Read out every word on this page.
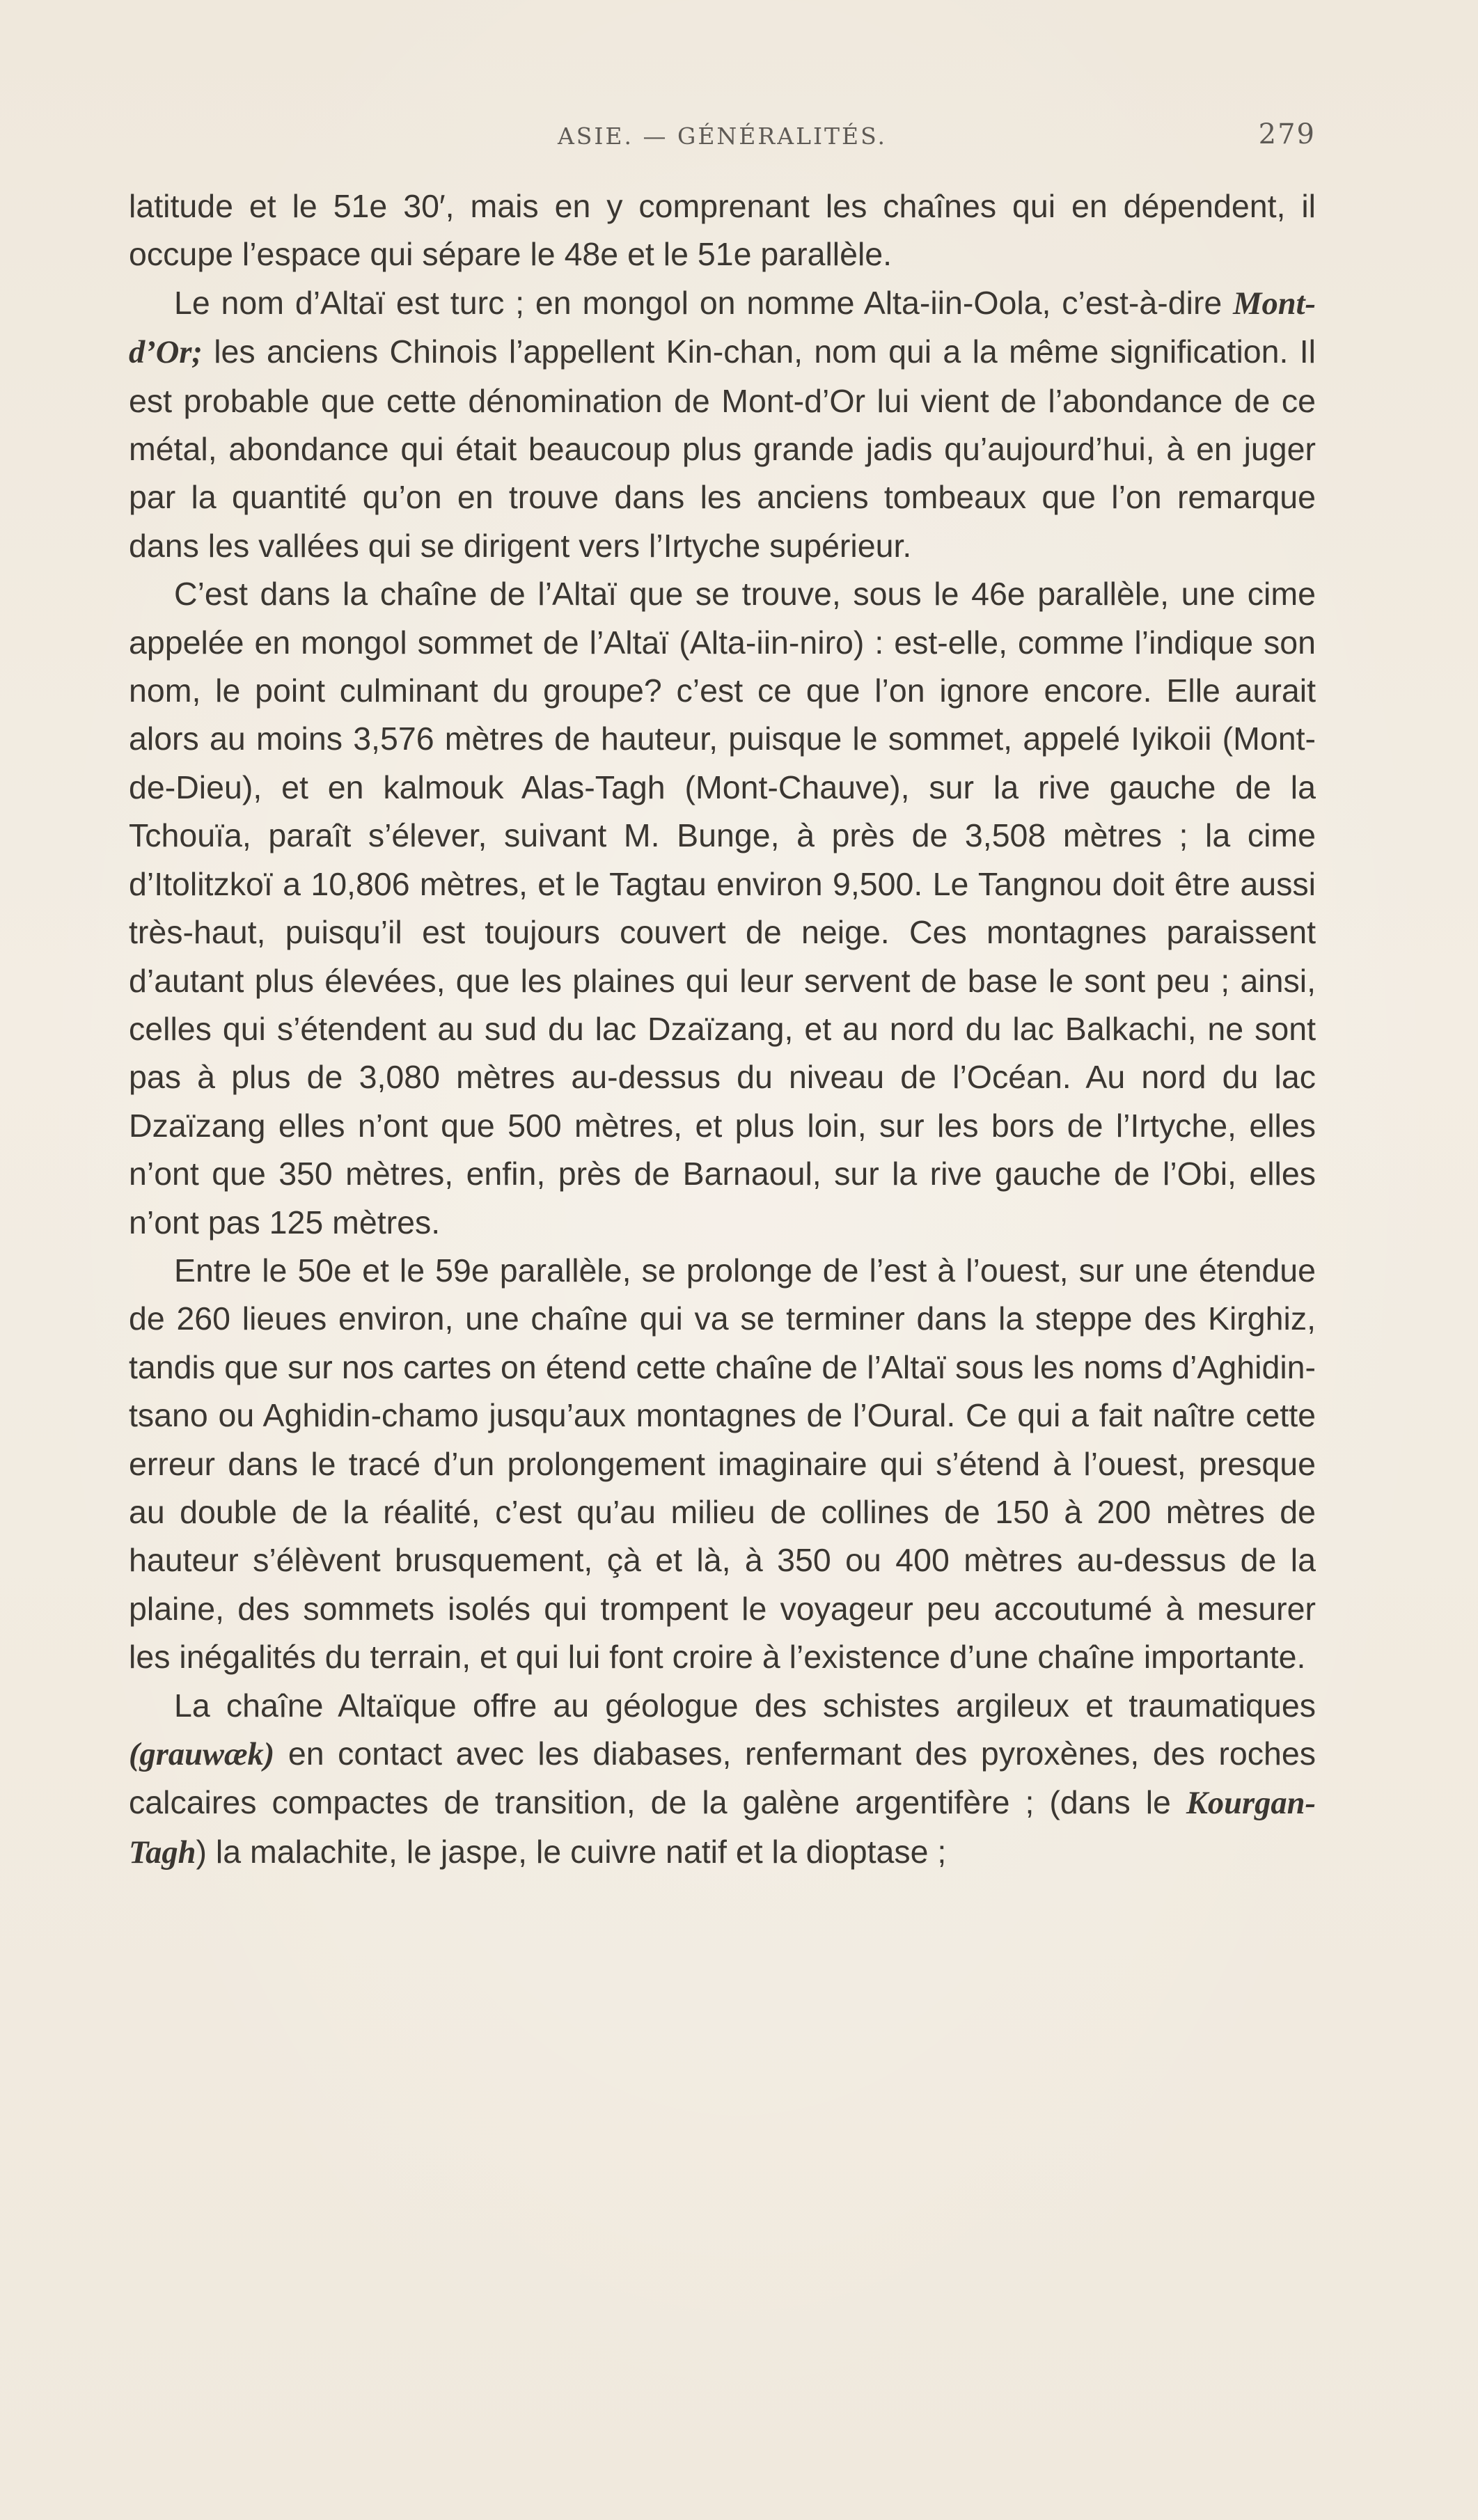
ASIE. — GÉNÉRALITÉS.	279

latitude et le 51e 30′, mais en y comprenant les chaînes qui en dépendent, il occupe l’espace qui sépare le 48e et le 51e parallèle.

Le nom d’Altaï est turc ; en mongol on nomme Alta-iin-Oola, c’est-à-dire Mont-d’Or; les anciens Chinois l’appellent Kin-chan, nom qui a la même signification. Il est probable que cette dénomination de Mont-d’Or lui vient de l’abondance de ce métal, abondance qui était beaucoup plus grande jadis qu’aujourd’hui, à en juger par la quantité qu’on en trouve dans les anciens tombeaux que l’on remarque dans les vallées qui se dirigent vers l’Irtyche supérieur.

C’est dans la chaîne de l’Altaï que se trouve, sous le 46e parallèle, une cime appelée en mongol sommet de l’Altaï (Alta-iin-niro) : est-elle, comme l’indique son nom, le point culminant du groupe? c’est ce que l’on ignore encore. Elle aurait alors au moins 3,576 mètres de hauteur, puisque le sommet, appelé Iyikoii (Mont-de-Dieu), et en kalmouk Alas-Tagh (Mont-Chauve), sur la rive gauche de la Tchouïa, paraît s’élever, suivant M. Bunge, à près de 3,508 mètres ; la cime d’Itolitzkoï a 10,806 mètres, et le Tagtau environ 9,500. Le Tangnou doit être aussi très-haut, puisqu’il est toujours couvert de neige. Ces montagnes paraissent d’autant plus élevées, que les plaines qui leur servent de base le sont peu ; ainsi, celles qui s’étendent au sud du lac Dzaïzang, et au nord du lac Balkachi, ne sont pas à plus de 3,080 mètres au-dessus du niveau de l’Océan. Au nord du lac Dzaïzang elles n’ont que 500 mètres, et plus loin, sur les bors de l’Irtyche, elles n’ont que 350 mètres, enfin, près de Barnaoul, sur la rive gauche de l’Obi, elles n’ont pas 125 mètres.

Entre le 50e et le 59e parallèle, se prolonge de l’est à l’ouest, sur une étendue de 260 lieues environ, une chaîne qui va se terminer dans la steppe des Kirghiz, tandis que sur nos cartes on étend cette chaîne de l’Altaï sous les noms d’Aghidin-tsano ou Aghidin-chamo jusqu’aux montagnes de l’Oural. Ce qui a fait naître cette erreur dans le tracé d’un prolongement imaginaire qui s’étend à l’ouest, presque au double de la réalité, c’est qu’au milieu de collines de 150 à 200 mètres de hauteur s’élèvent brusquement, çà et là, à 350 ou 400 mètres au-dessus de la plaine, des sommets isolés qui trompent le voyageur peu accoutumé à mesurer les inégalités du terrain, et qui lui font croire à l’existence d’une chaîne importante.

La chaîne Altaïque offre au géologue des schistes argileux et traumatiques (grauwæk) en contact avec les diabases, renfermant des pyroxènes, des roches calcaires compactes de transition, de la galène argentifère ; (dans le Kourgan-Tagh) la malachite, le jaspe, le cuivre natif et la dioptase ;
